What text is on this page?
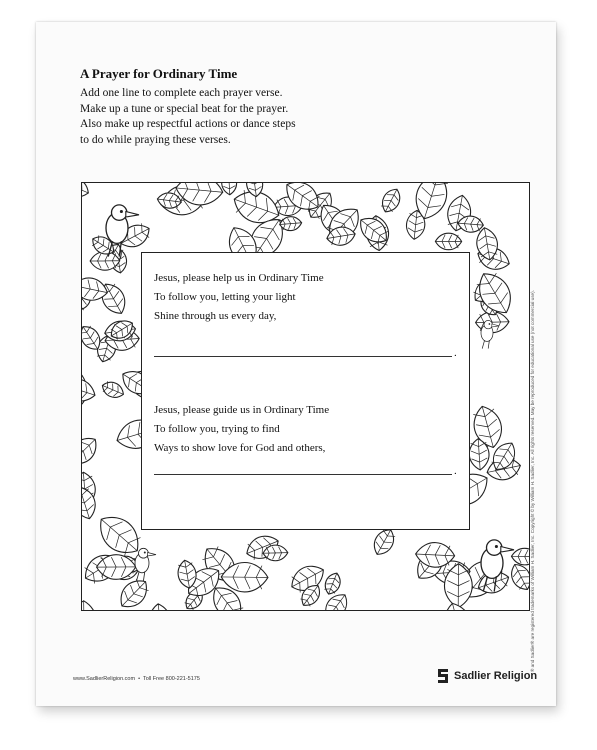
A Prayer for Ordinary Time
Add one line to complete each prayer verse.
Make up a tune or special beat for the prayer.
Also make up respectful actions or dance steps
to do while praying these verses.
Jesus, please help us in Ordinary Time
To follow you, letting your light
Shine through us every day,
.
Jesus, please guide us in Ordinary Time
To follow you, trying to find
Ways to show love for God and others,
.
www.SadlierReligion.com • Toll Free 800-221-5175	Sadlier Religion
® and Sadlier® are registered trademarks of William H. Sadlier, Inc. Copyright © by William H. Sadlier, Inc. All rights reserved. May be reproduced for educational use (not commercial use).
